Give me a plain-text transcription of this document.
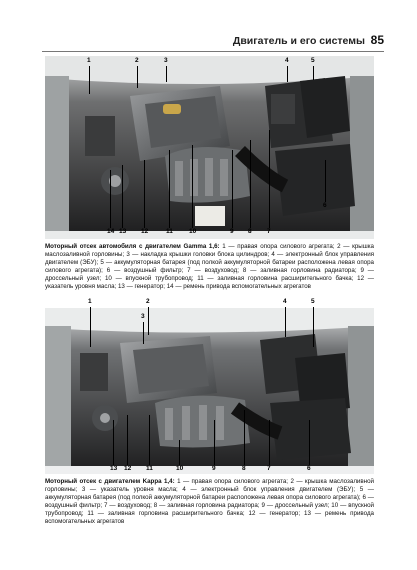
Двигатель и его системы 85
1	2	3	4	5
6
14 13 12	11 10	9 8 7
Моторный отсек автомобиля с двигателем Gamma 1,6: 1 — правая опора силового агрегата; 2 — крышка маслозаливной горловины; 3 — накладка крышки головки блока цилиндров; 4 — электронный блок управления двигателем (ЭБУ); 5 — аккумуляторная батарея (под полкой аккумуляторной батареи расположена левая опора силового агрегата); 6 — воздушный фильтр; 7 — воздуховод; 8 — заливная горловина радиатора; 9 — дроссельный узел; 10 — впускной трубопровод; 11 — заливная горловина расширительного бачка; 12 — указатель уровня масла; 13 — генератор; 14 — ремень привода вспомогательных агрегатов
1	2
3
4	5
13 12 11	10	9	8	7	6
Моторный отсек с двигателем Kappa 1,4: 1 — правая опора силового агрегата; 2 — крышка маслозаливной горловины; 3 — указатель уровня масла; 4 — электронный блок управления двигателем (ЭБУ); 5 — аккумуляторная батарея (под полкой аккумуляторной батареи расположена левая опора силового агрегата); 6 — воздушный фильтр; 7 — воздуховод; 8 — заливная горловина радиатора; 9 — дроссельный узел; 10 — впускной трубопровод; 11 — заливная горловина расширительного бачка; 12 — генератор; 13 — ремень привода вспомогательных агрегатов
